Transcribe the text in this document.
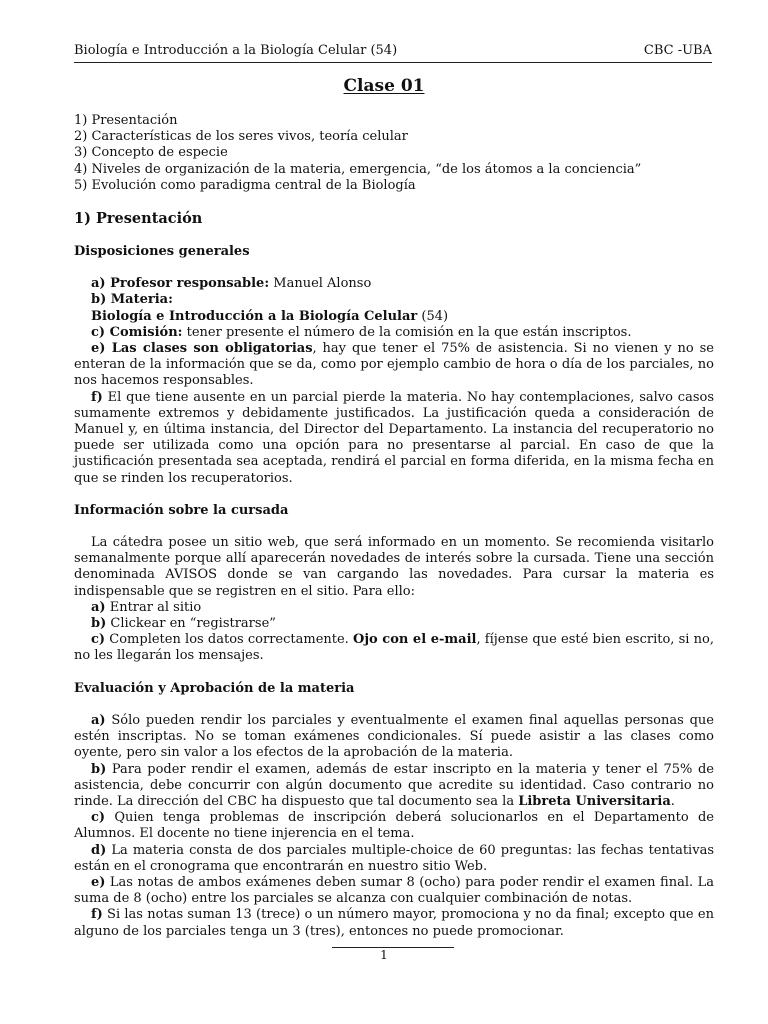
Biología e Introducción a la Biología Celular (54)	CBC -UBA
Clase 01

1) Presentación

2) Características de los seres vivos, teoría celular

3) Concepto de especie

4) Niveles de organización de la materia, emergencia, “de los átomos a la conciencia”

5) Evolución como paradigma central de la Biología

1) Presentación

Disposiciones generales

a) Profesor responsable: Manuel Alonso

b) Materia:

Biología e Introducción a la Biología Celular (54)

c) Comisión: tener presente el número de la comisión en la que están inscriptos.

e) Las clases son obligatorias, hay que tener el 75% de asistencia. Si no vienen y no se enteran de la información que se da, como por ejemplo cambio de hora o día de los parciales, no nos hacemos responsables.

f) El que tiene ausente en un parcial pierde la materia. No hay contemplaciones, salvo casos sumamente extremos y debidamente justificados. La justificación queda a consideración de Manuel y, en última instancia, del Director del Departamento. La instancia del recuperatorio no puede ser utilizada como una opción para no presentarse al parcial. En caso de que la justificación presentada sea aceptada, rendirá el parcial en forma diferida, en la misma fecha en que se rinden los recuperatorios.

Información sobre la cursada

La cátedra posee un sitio web, que será informado en un momento. Se recomienda visitarlo semanalmente porque allí aparecerán novedades de interés sobre la cursada. Tiene una sección denominada AVISOS donde se van cargando las novedades. Para cursar la materia es indispensable que se registren en el sitio. Para ello:

a) Entrar al sitio

b) Clickear en “registrarse”

c) Completen los datos correctamente. Ojo con el e-mail, fíjense que esté bien escrito, si no, no les llegarán los mensajes.

Evaluación y Aprobación de la materia

a) Sólo pueden rendir los parciales y eventualmente el examen final aquellas personas que estén inscriptas. No se toman exámenes condicionales. Sí puede asistir a las clases como oyente, pero sin valor a los efectos de la aprobación de la materia.

b) Para poder rendir el examen, además de estar inscripto en la materia y tener el 75% de asistencia, debe concurrir con algún documento que acredite su identidad. Caso contrario no rinde. La dirección del CBC ha dispuesto que tal documento sea la Libreta Universitaria.

c) Quien tenga problemas de inscripción deberá solucionarlos en el Departamento de Alumnos. El docente no tiene injerencia en el tema.

d) La materia consta de dos parciales multiple-choice de 60 preguntas: las fechas tentativas están en el cronograma que encontrarán en nuestro sitio Web.

e) Las notas de ambos exámenes deben sumar 8 (ocho) para poder rendir el examen final. La suma de 8 (ocho) entre los parciales se alcanza con cualquier combinación de notas.

f) Si las notas suman 13 (trece) o un número mayor, promociona y no da final; excepto que en alguno de los parciales tenga un 3 (tres), entonces no puede promocionar.

1
